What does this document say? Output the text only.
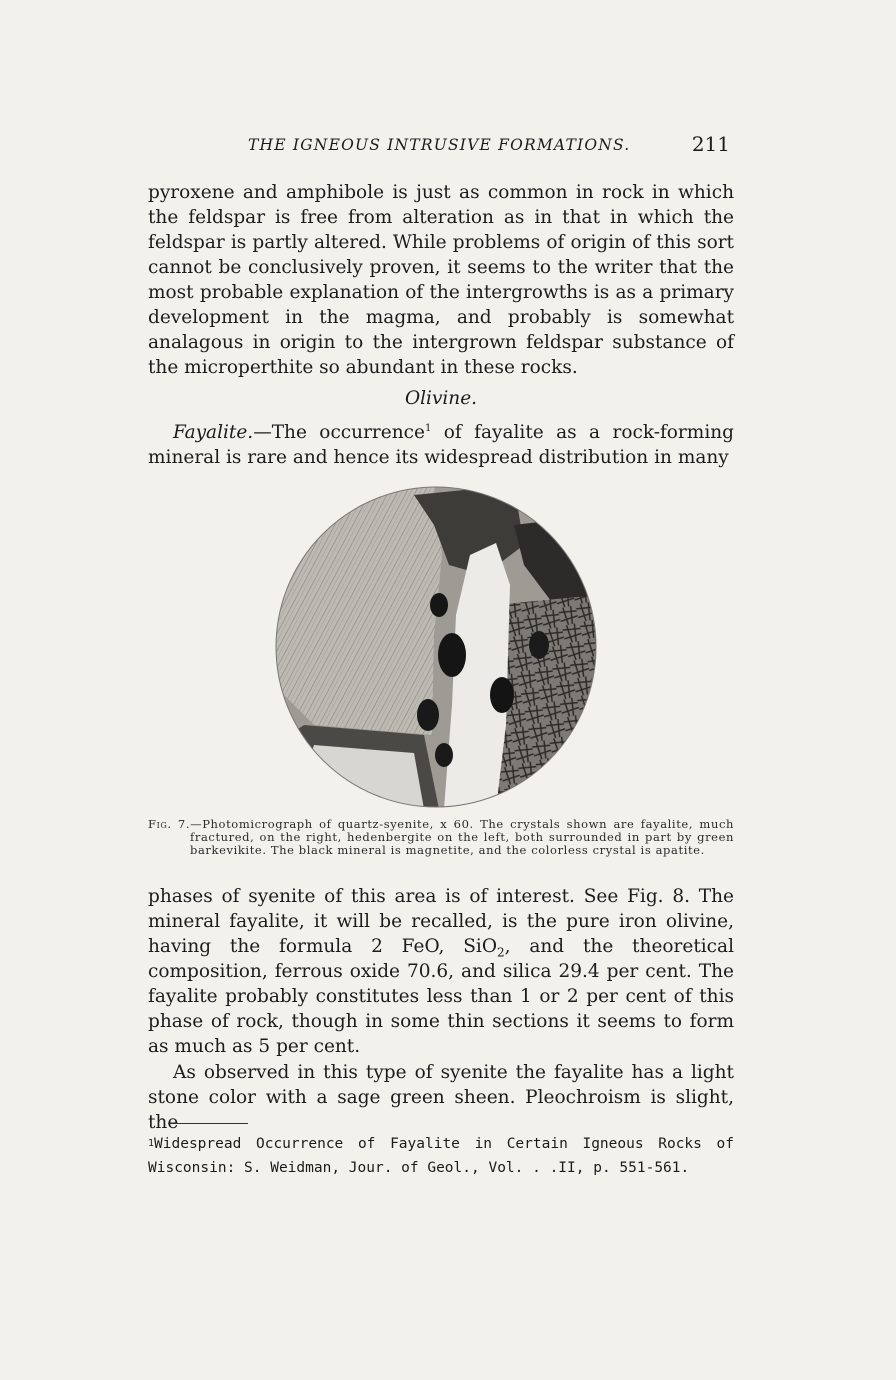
THE IGNEOUS INTRUSIVE FORMATIONS.	211

pyroxene and amphibole is just as common in rock in which the feldspar is free from alteration as in that in which the feldspar is partly altered. While problems of origin of this sort cannot be conclusively proven, it seems to the writer that the most probable explanation of the intergrowths is as a primary development in the magma, and probably is somewhat analagous in origin to the intergrown feldspar substance of the microperthite so abundant in these rocks.

Olivine.

Fayalite.—The occurrence$^1$ of fayalite as a rock-forming mineral is rare and hence its widespread distribution in many

Fig. 7.—Photomicrograph of quartz-syenite, x 60. The crystals shown are fayalite, much fractured, on the right, hedenbergite on the left, both surrounded in part by green barkevikite. The black mineral is magnetite, and the colorless crystal is apatite.

phases of syenite of this area is of interest. See Fig. 8. The mineral fayalite, it will be recalled, is the pure iron olivine, having the formula 2 FeO, SiO$_2$, and the theoretical composition, ferrous oxide 70.6, and silica 29.4 per cent. The fayalite probably constitutes less than 1 or 2 per cent of this phase of rock, though in some thin sections it seems to form as much as 5 per cent.

As observed in this type of syenite the fayalite has a light stone color with a sage green sheen. Pleochroism is slight, the

$^1$Widespread Occurrence of Fayalite in Certain Igneous Rocks of Wisconsin: S. Weidman, Jour. of Geol., Vol. . .II, p. 551-561.
